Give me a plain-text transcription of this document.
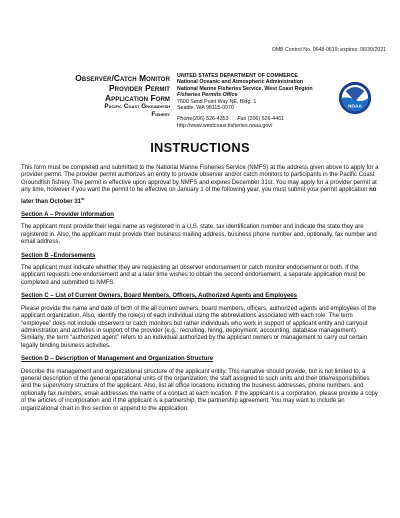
OMB Control No. 0648-0619; expires: 06/30/2021
Observer/Catch Monitor
Provider Permit
Application Form
Pacific Coast Groundfish
Fishery
UNITED STATES DEPARTMENT OF COMMERCE
National Oceanic and Atmospheric Administration
National Marine Fisheries Service, West Coast Region
Fisheries Permits Office
7600 Sand Point Way NE, Bldg. 1
Seattle, WA 98115-0070
Phone(206) 526-4353 Fax (206) 526-4461
http://www.westcoast.fisheries.noaa.gov/
NOAA
INSTRUCTIONS

This form must be completed and submitted to the National Marine Fisheries Service (NMFS) at the address given above to apply for a provider permit. The provider permit authorizes an entity to provide observer and/or catch monitors to participants in the Pacific Coast Groundfish fishery. The permit is effective upon approval by NMFS and expires December 31st. You may apply for a provider permit at any time, however if you want the permit to be effective on January 1 of the following year, you must submit your permit application no later than October 31st

Section A – Provider Information

The applicant must provide their legal name as registered in a U.S. state, tax identification number and indicate the state they are registered in. Also, the applicant must provide their business mailing address, business phone number and, optionally, fax number and email address.

Section B –Endorsements

The applicant must indicate whether they are requesting an observer endorsement or catch monitor endorsement or both. If the applicant requests one endorsement and at a later time wishes to obtain the second endorsement, a separate application must be completed and submitted to NMFS.

Section C – List of Current Owners, Board Members, Officers, Authorized Agents and Employees

Please provide the name and date of birth of the all current owners, board members, officers, authorized agents and employees of the applicant organization. Also, identify the role(s) of each individual using the abbreviations associated with each role. The term “employee” does not include observers or catch monitors but rather individuals who work in support of applicant entity and carryout administration and activities in support of the provider (e.g.: recruiting, hiring, deployment, accounting, database management). Similarly, the term “authorized agent” refers to an individual authorized by the applicant owners or management to carry out certain legally binding business activities.

Section D – Description of Management and Organization Structure

Describe the management and organizational structure of the applicant entity. This narrative should provide, but is not limited to, a general description of the general operational units of the organization; the staff assigned to such units and their title/responsibilities and the supervisory structure of the applicant. Also, list all office locations including the business addresses, phone numbers, and optionally fax numbers, email addresses the name of a contact at each location. If the applicant is a corporation, please provide a copy of the articles of incorporation and if the applicant is a partnership, the partnership agreement. You may want to include an organizational chart in this section or append to the application.
